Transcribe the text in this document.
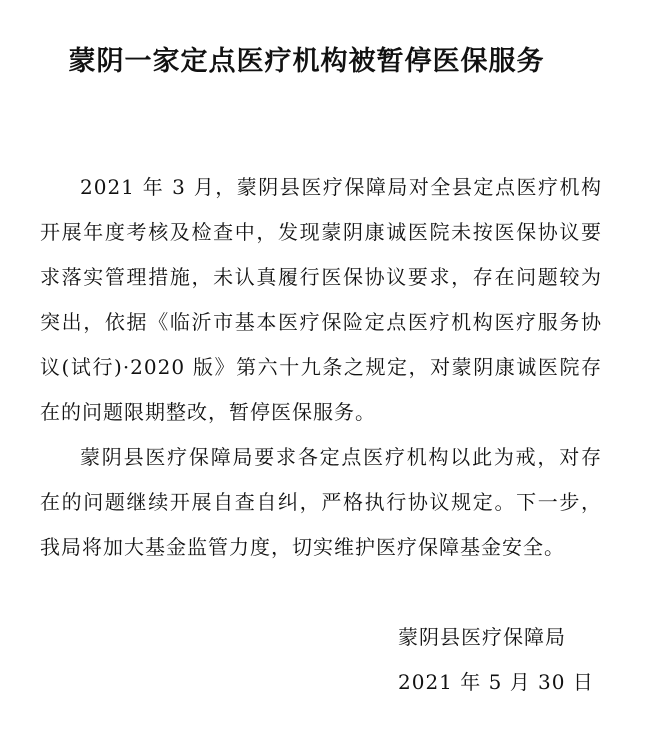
蒙阴一家定点医疗机构被暂停医保服务

2021 年 3 月，蒙阴县医疗保障局对全县定点医疗机构开展年度考核及检查中，发现蒙阴康诚医院未按医保协议要求落实管理措施，未认真履行医保协议要求，存在问题较为突出，依据《临沂市基本医疗保险定点医疗机构医疗服务协议(试行)·2020 版》第六十九条之规定，对蒙阴康诚医院存在的问题限期整改，暂停医保服务。

蒙阴县医疗保障局要求各定点医疗机构以此为戒，对存在的问题继续开展自查自纠，严格执行协议规定。下一步，我局将加大基金监管力度，切实维护医疗保障基金安全。

蒙阴县医疗保障局
2021 年 5 月 30 日
